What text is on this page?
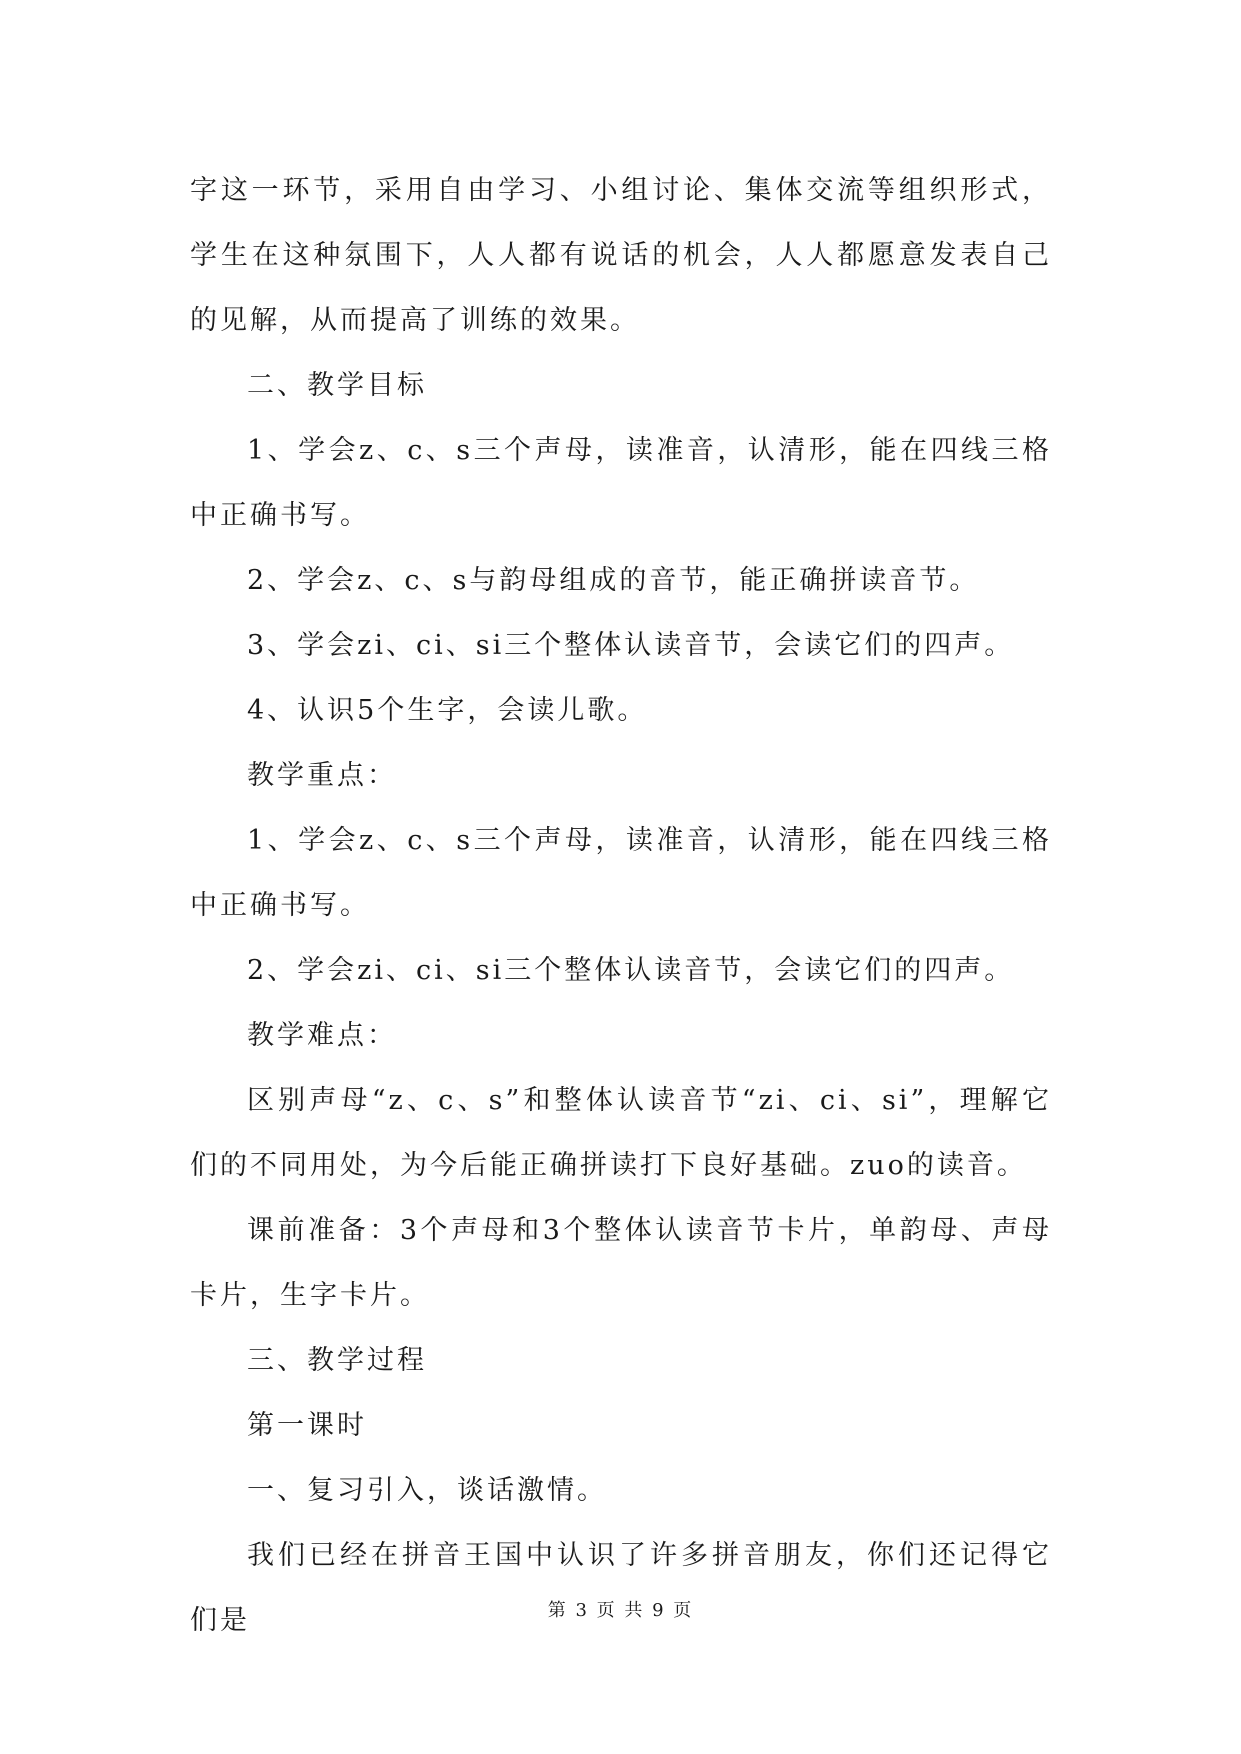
字这一环节，采用自由学习、小组讨论、集体交流等组织形式，学生在这种氛围下，人人都有说话的机会，人人都愿意发表自己的见解，从而提高了训练的效果。

二、教学目标

1、学会z、c、s三个声母，读准音，认清形，能在四线三格中正确书写。

2、学会z、c、s与韵母组成的音节，能正确拼读音节。

3、学会zi、ci、si三个整体认读音节，会读它们的四声。

4、认识5个生字，会读儿歌。

教学重点：

1、学会z、c、s三个声母，读准音，认清形，能在四线三格中正确书写。

2、学会zi、ci、si三个整体认读音节，会读它们的四声。

教学难点：

区别声母“z、c、s”和整体认读音节“zi、ci、si”，理解它们的不同用处，为今后能正确拼读打下良好基础。zuo的读音。

课前准备：3个声母和3个整体认读音节卡片，单韵母、声母卡片，生字卡片。

三、教学过程

第一课时

一、复习引入，谈话激情。

我们已经在拼音王国中认识了许多拼音朋友，你们还记得它们是	第 3 页 共 9 页
